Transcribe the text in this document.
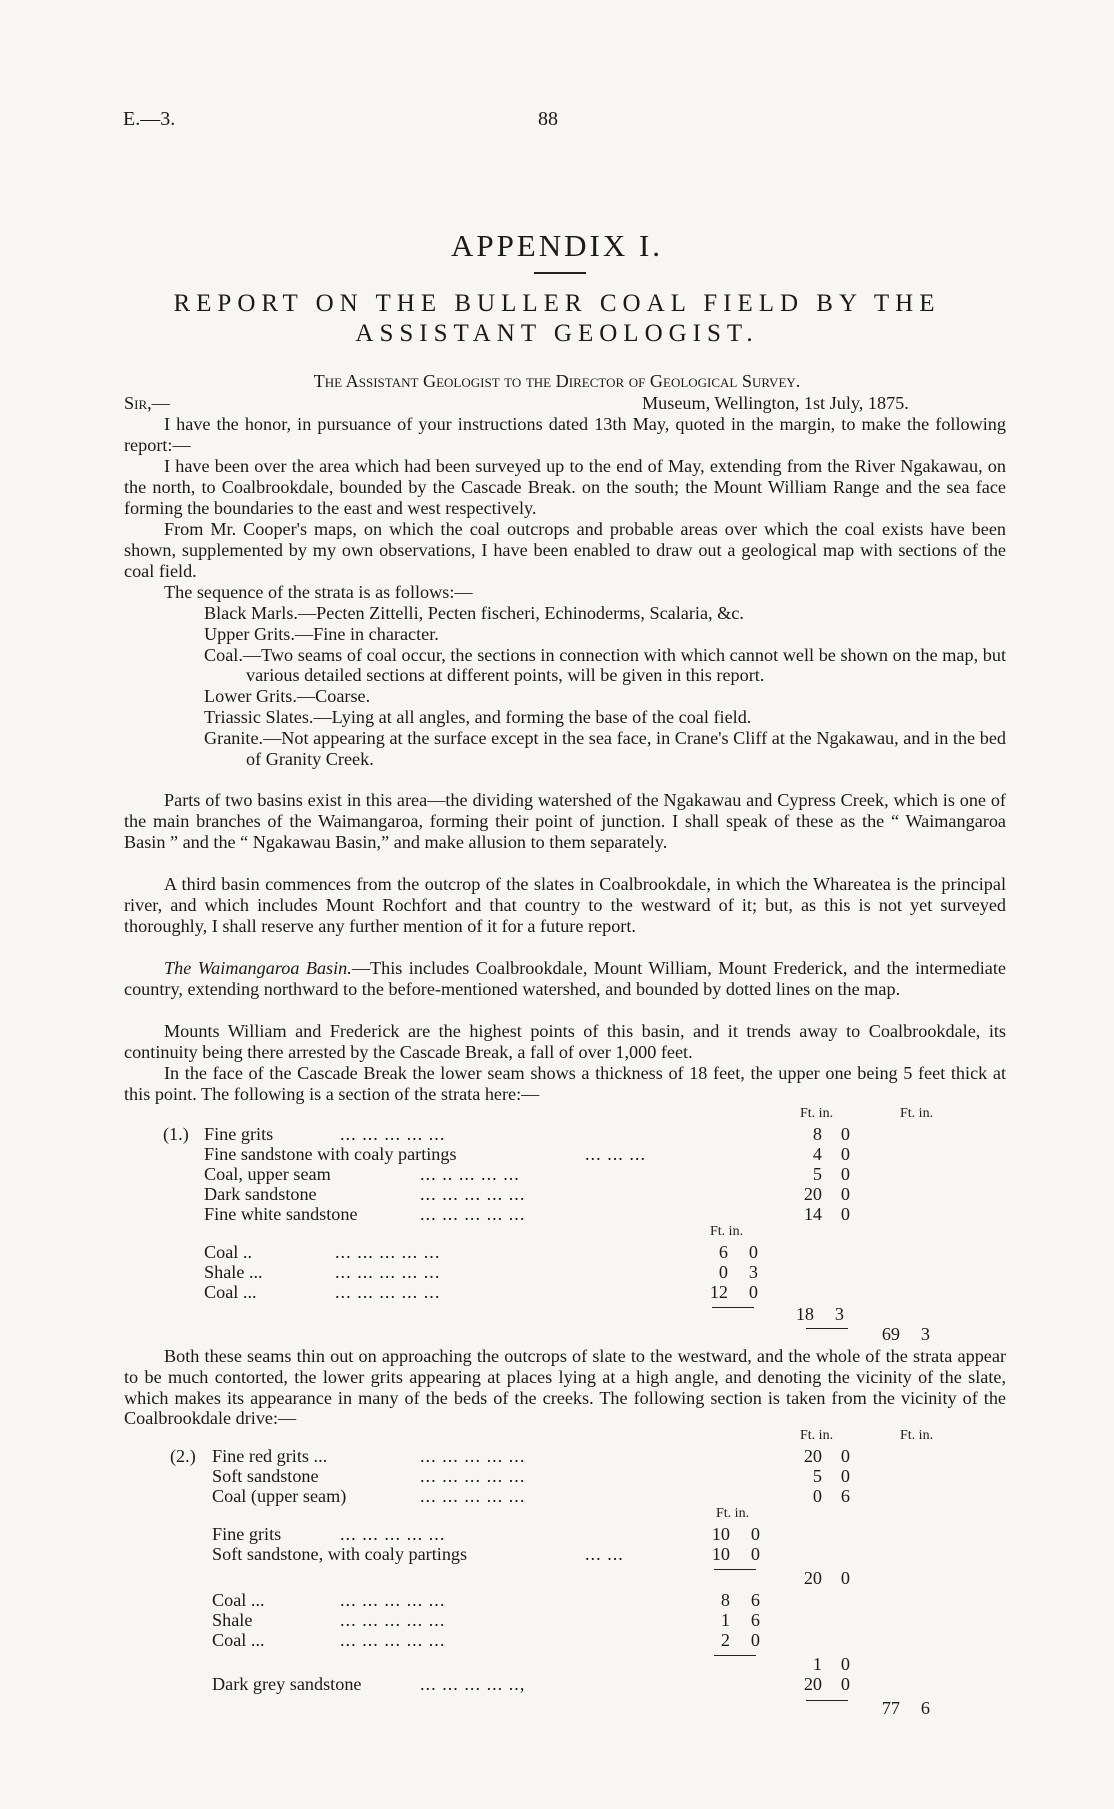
E.—3.	88
APPENDIX I.
REPORT ON THE BULLER COAL FIELD BY THE
ASSISTANT GEOLOGIST.
The Assistant Geologist to the Director of Geological Survey.
Sir,—	Museum, Wellington, 1st July, 1875.
I have the honor, in pursuance of your instructions dated 13th May, quoted in the margin, to make the following report:—
I have been over the area which had been surveyed up to the end of May, extending from the River Ngakawau, on the north, to Coalbrookdale, bounded by the Cascade Break. on the south; the Mount William Range and the sea face forming the boundaries to the east and west respectively.
From Mr. Cooper's maps, on which the coal outcrops and probable areas over which the coal exists have been shown, supplemented by my own observations, I have been enabled to draw out a geological map with sections of the coal field.
The sequence of the strata is as follows:—
Black Marls.—Pecten Zittelli, Pecten fischeri, Echinoderms, Scalaria, &c.
Upper Grits.—Fine in character.
Coal.—Two seams of coal occur, the sections in connection with which cannot well be shown on the map, but various detailed sections at different points, will be given in this report.
Lower Grits.—Coarse.
Triassic Slates.—Lying at all angles, and forming the base of the coal field.
Granite.—Not appearing at the surface except in the sea face, in Crane's Cliff at the Ngakawau, and in the bed of Granity Creek.
Parts of two basins exist in this area—the dividing watershed of the Ngakawau and Cypress Creek, which is one of the main branches of the Waimangaroa, forming their point of junction. I shall speak of these as the “ Waimangaroa Basin ” and the “ Ngakawau Basin,” and make allusion to them separately.
A third basin commences from the outcrop of the slates in Coalbrookdale, in which the Whareatea is the principal river, and which includes Mount Rochfort and that country to the westward of it; but, as this is not yet surveyed thoroughly, I shall reserve any further mention of it for a future report.
The Waimangaroa Basin.—This includes Coalbrookdale, Mount William, Mount Frederick, and the intermediate country, extending northward to the before-mentioned watershed, and bounded by dotted lines on the map.
Mounts William and Frederick are the highest points of this basin, and it trends away to Coalbrookdale, its continuity being there arrested by the Cascade Break, a fall of over 1,000 feet.
In the face of the Cascade Break the lower seam shows a thickness of 18 feet, the upper one being 5 feet thick at this point. The following is a section of the strata here:—
Ft. in.	Ft. in.
(1.) Fine grits	... ... ... ... ...	8 0
Fine sandstone with coaly partings	... ... ...	4 0
Coal, upper seam	... .. ... ... ...	5 0
Dark sandstone	... ... ... ... ...	20 0
Fine white sandstone	... ... ... ... ...	14 0
Ft. in.
Coal ..	... ... ... ... ...	6 0
Shale ...	... ... ... ... ...	0 3
Coal ...	... ... ... ... ...	12 0
18 3
69 3
Both these seams thin out on approaching the outcrops of slate to the westward, and the whole of the strata appear to be much contorted, the lower grits appearing at places lying at a high angle, and denoting the vicinity of the slate, which makes its appearance in many of the beds of the creeks. The following section is taken from the vicinity of the Coalbrookdale drive:—
Ft. in.	Ft. in.
(2.) Fine red grits ...	... ... ... ... ...	20 0
Soft sandstone	... ... ... ... ...	5 0
Coal (upper seam)	... ... ... ... ...	0 6
Ft. in.
Fine grits	... ... ... ... ...	10 0
Soft sandstone, with coaly partings	... ...	10 0
20 0
Coal ...	... ... ... ... ...	8 6
Shale	... ... ... ... ...	1 6
Coal ...	... ... ... ... ...	2 0
1 0
Dark grey sandstone	... ... ... ... ..,	20 0
77 6
